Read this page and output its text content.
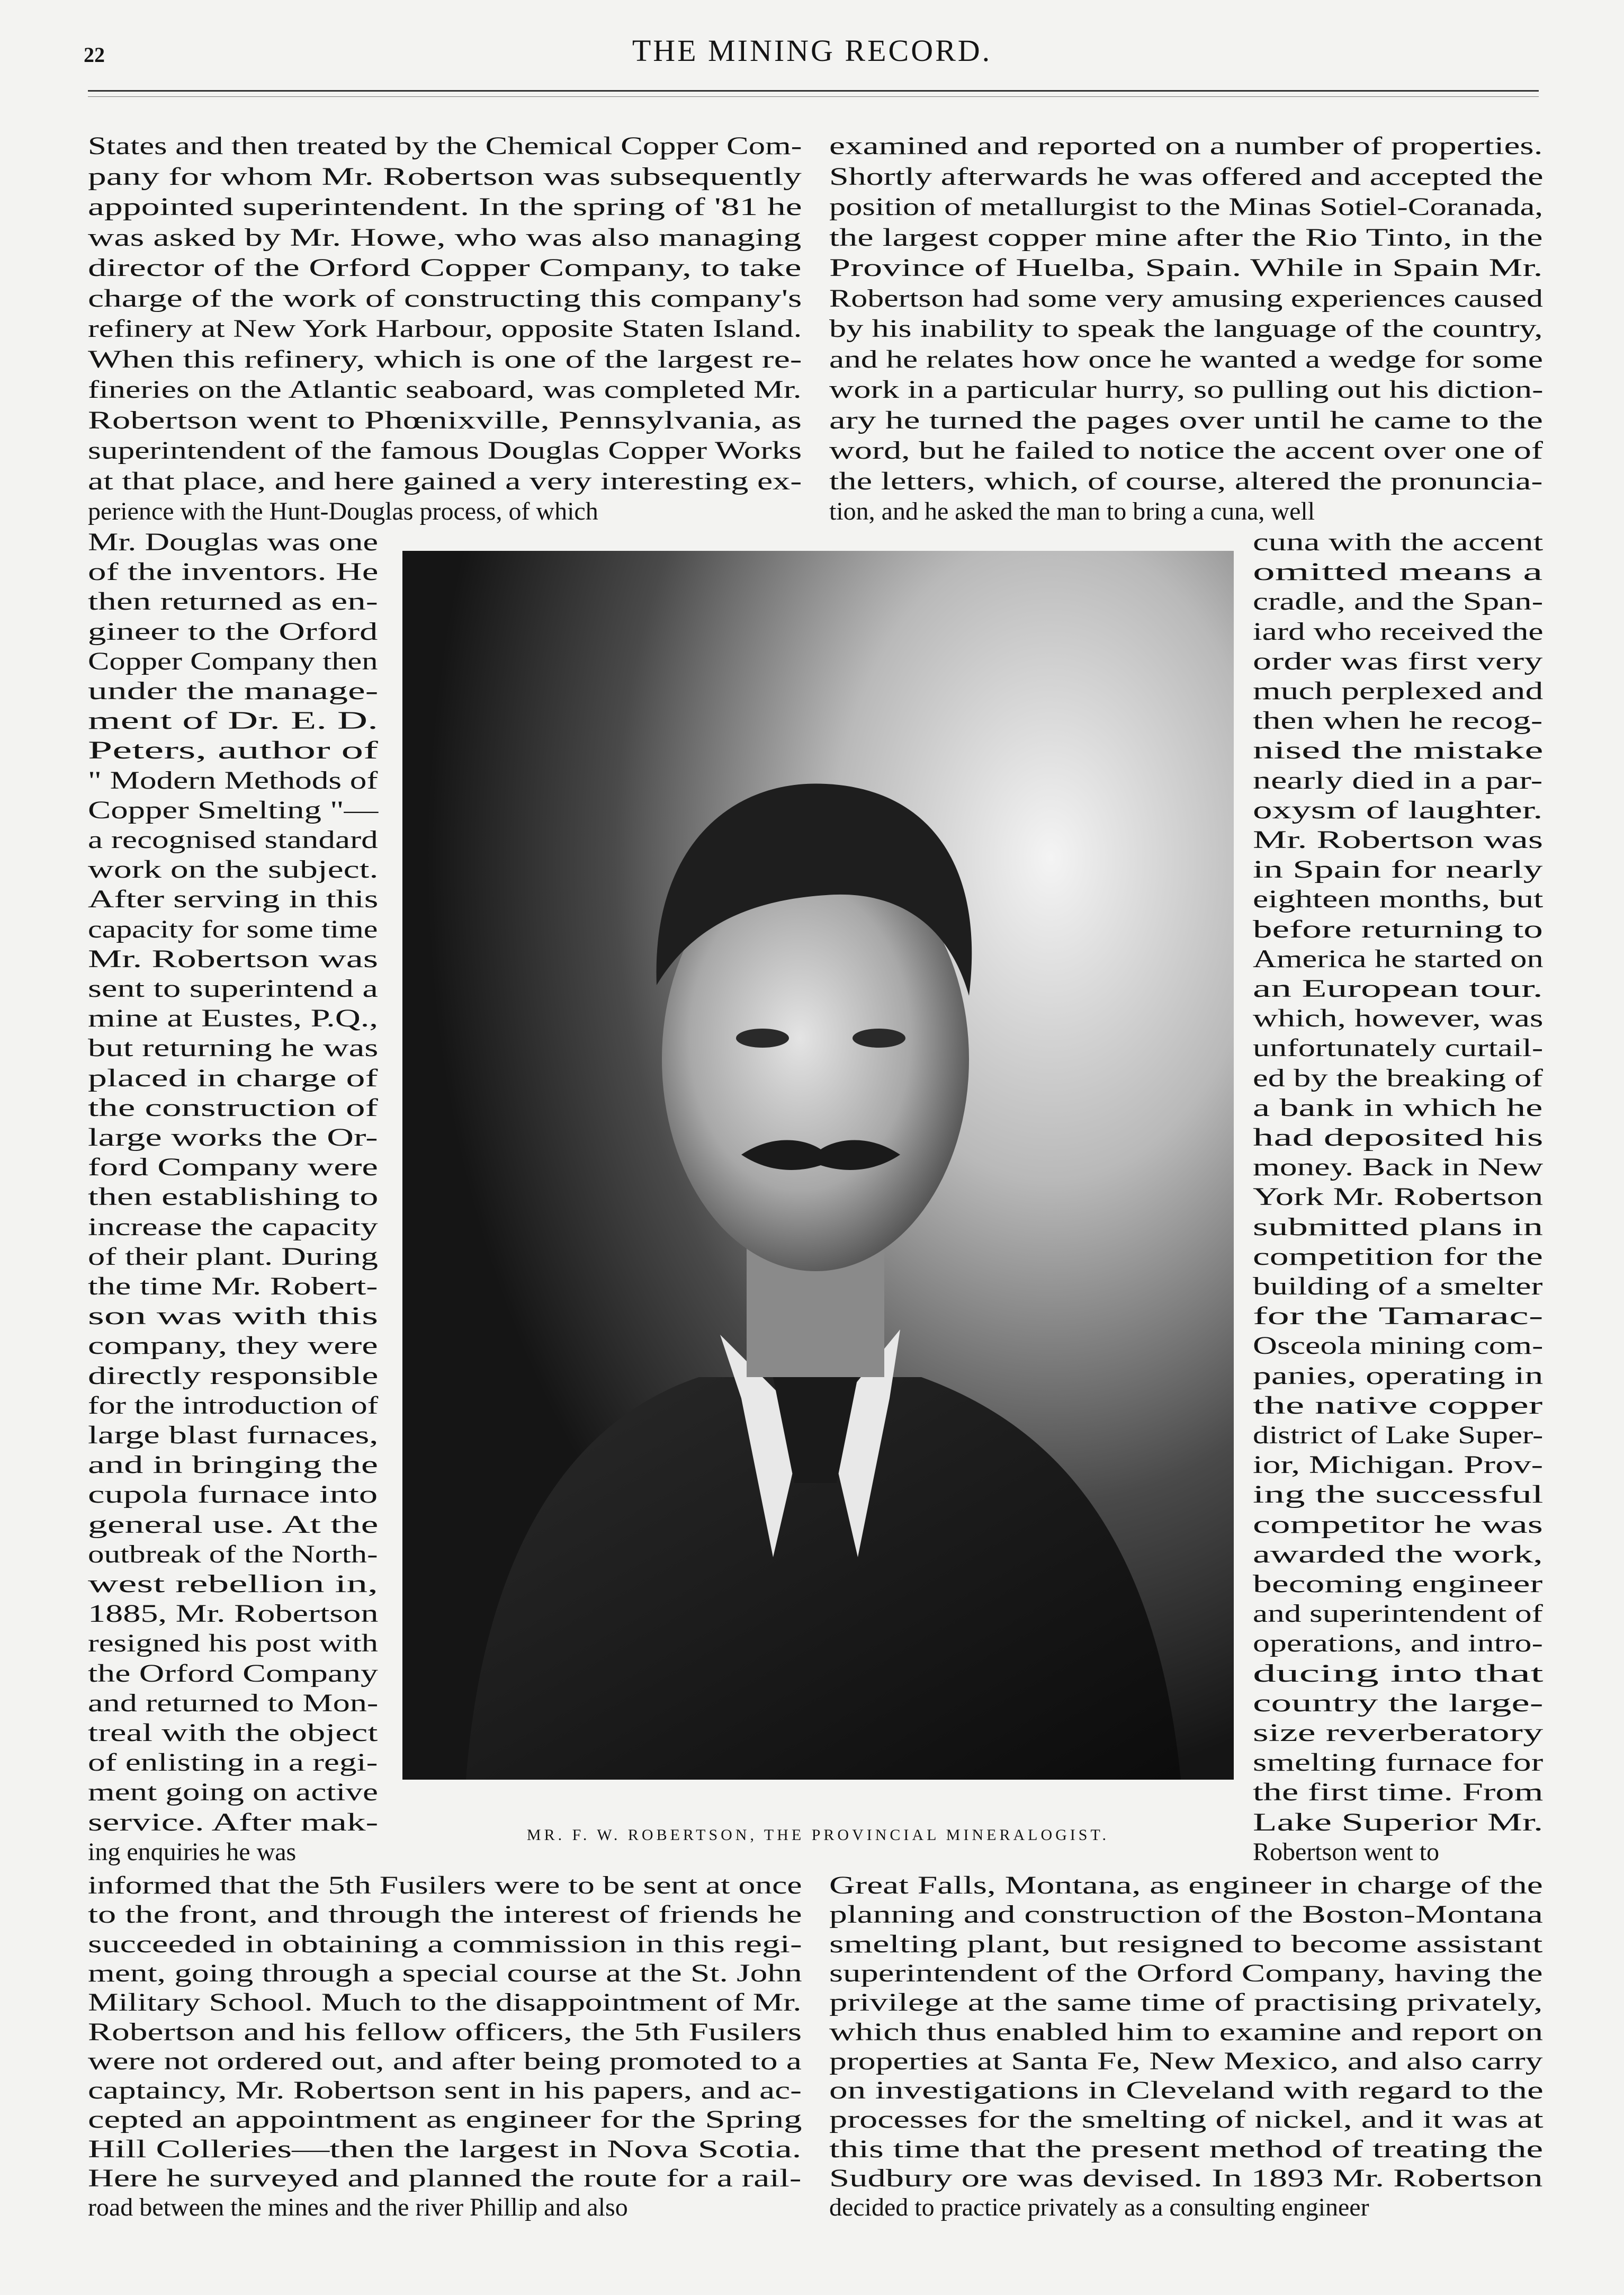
22	THE MINING RECORD.
States and then treated by the Chemical Copper Com-
pany for whom Mr. Robertson was subsequently
appointed superintendent. In the spring of '81 he
was asked by Mr. Howe, who was also managing
director of the Orford Copper Company, to take
charge of the work of constructing this company's
refinery at New York Harbour, opposite Staten Island.
When this refinery, which is one of the largest re-
fineries on the Atlantic seaboard, was completed Mr.
Robertson went to Phœnixville, Pennsylvania, as
superintendent of the famous Douglas Copper Works
at that place, and here gained a very interesting ex-
perience with the Hunt-Douglas process, of which
Mr. Douglas was one
of the inventors. He
then returned as en-
gineer to the Orford
Copper Company then
under the manage-
ment of Dr. E. D.
Peters, author of
" Modern Methods of
Copper Smelting "—
a recognised standard
work on the subject.
After serving in this
capacity for some time
Mr. Robertson was
sent to superintend a
mine at Eustes, P.Q.,
but returning he was
placed in charge of
the construction of
large works the Or-
ford Company were
then establishing to
increase the capacity
of their plant. During
the time Mr. Robert-
son was with this
company, they were
directly responsible
for the introduction of
large blast furnaces,
and in bringing the
cupola furnace into
general use. At the
outbreak of the North-
west rebellion in,
1885, Mr. Robertson
resigned his post with
the Orford Company
and returned to Mon-
treal with the object
of enlisting in a regi-
ment going on active
service. After mak-
ing enquiries he was
informed that the 5th Fusilers were to be sent at once
to the front, and through the interest of friends he
succeeded in obtaining a commission in this regi-
ment, going through a special course at the St. John
Military School. Much to the disappointment of Mr.
Robertson and his fellow officers, the 5th Fusilers
were not ordered out, and after being promoted to a
captaincy, Mr. Robertson sent in his papers, and ac-
cepted an appointment as engineer for the Spring
Hill Colleries—then the largest in Nova Scotia.
Here he surveyed and planned the route for a rail-
road between the mines and the river Phillip and also
examined and reported on a number of properties.
Shortly afterwards he was offered and accepted the
position of metallurgist to the Minas Sotiel-Coranada,
the largest copper mine after the Rio Tinto, in the
Province of Huelba, Spain. While in Spain Mr.
Robertson had some very amusing experiences caused
by his inability to speak the language of the country,
and he relates how once he wanted a wedge for some
work in a particular hurry, so pulling out his diction-
ary he turned the pages over until he came to the
word, but he failed to notice the accent over one of
the letters, which, of course, altered the pronuncia-
tion, and he asked the man to bring a cuna, well
cuna with the accent
omitted means a
cradle, and the Span-
iard who received the
order was first very
much perplexed and
then when he recog-
nised the mistake
nearly died in a par-
oxysm of laughter.
Mr. Robertson was
in Spain for nearly
eighteen months, but
before returning to
America he started on
an European tour.
which, however, was
unfortunately curtail-
ed by the breaking of
a bank in which he
had deposited his
money. Back in New
York Mr. Robertson
submitted plans in
competition for the
building of a smelter
for the Tamarac-
Osceola mining com-
panies, operating in
the native copper
district of Lake Super-
ior, Michigan. Prov-
ing the successful
competitor he was
awarded the work,
becoming engineer
and superintendent of
operations, and intro-
ducing into that
country the large-
size reverberatory
smelting furnace for
the first time. From
Lake Superior Mr.
Robertson went to
Great Falls, Montana, as engineer in charge of the
planning and construction of the Boston-Montana
smelting plant, but resigned to become assistant
superintendent of the Orford Company, having the
privilege at the same time of practising privately,
which thus enabled him to examine and report on
properties at Santa Fe, New Mexico, and also carry
on investigations in Cleveland with regard to the
processes for the smelting of nickel, and it was at
this time that the present method of treating the
Sudbury ore was devised. In 1893 Mr. Robertson
decided to practice privately as a consulting engineer
MR. F. W. ROBERTSON, THE PROVINCIAL MINERALOGIST.
